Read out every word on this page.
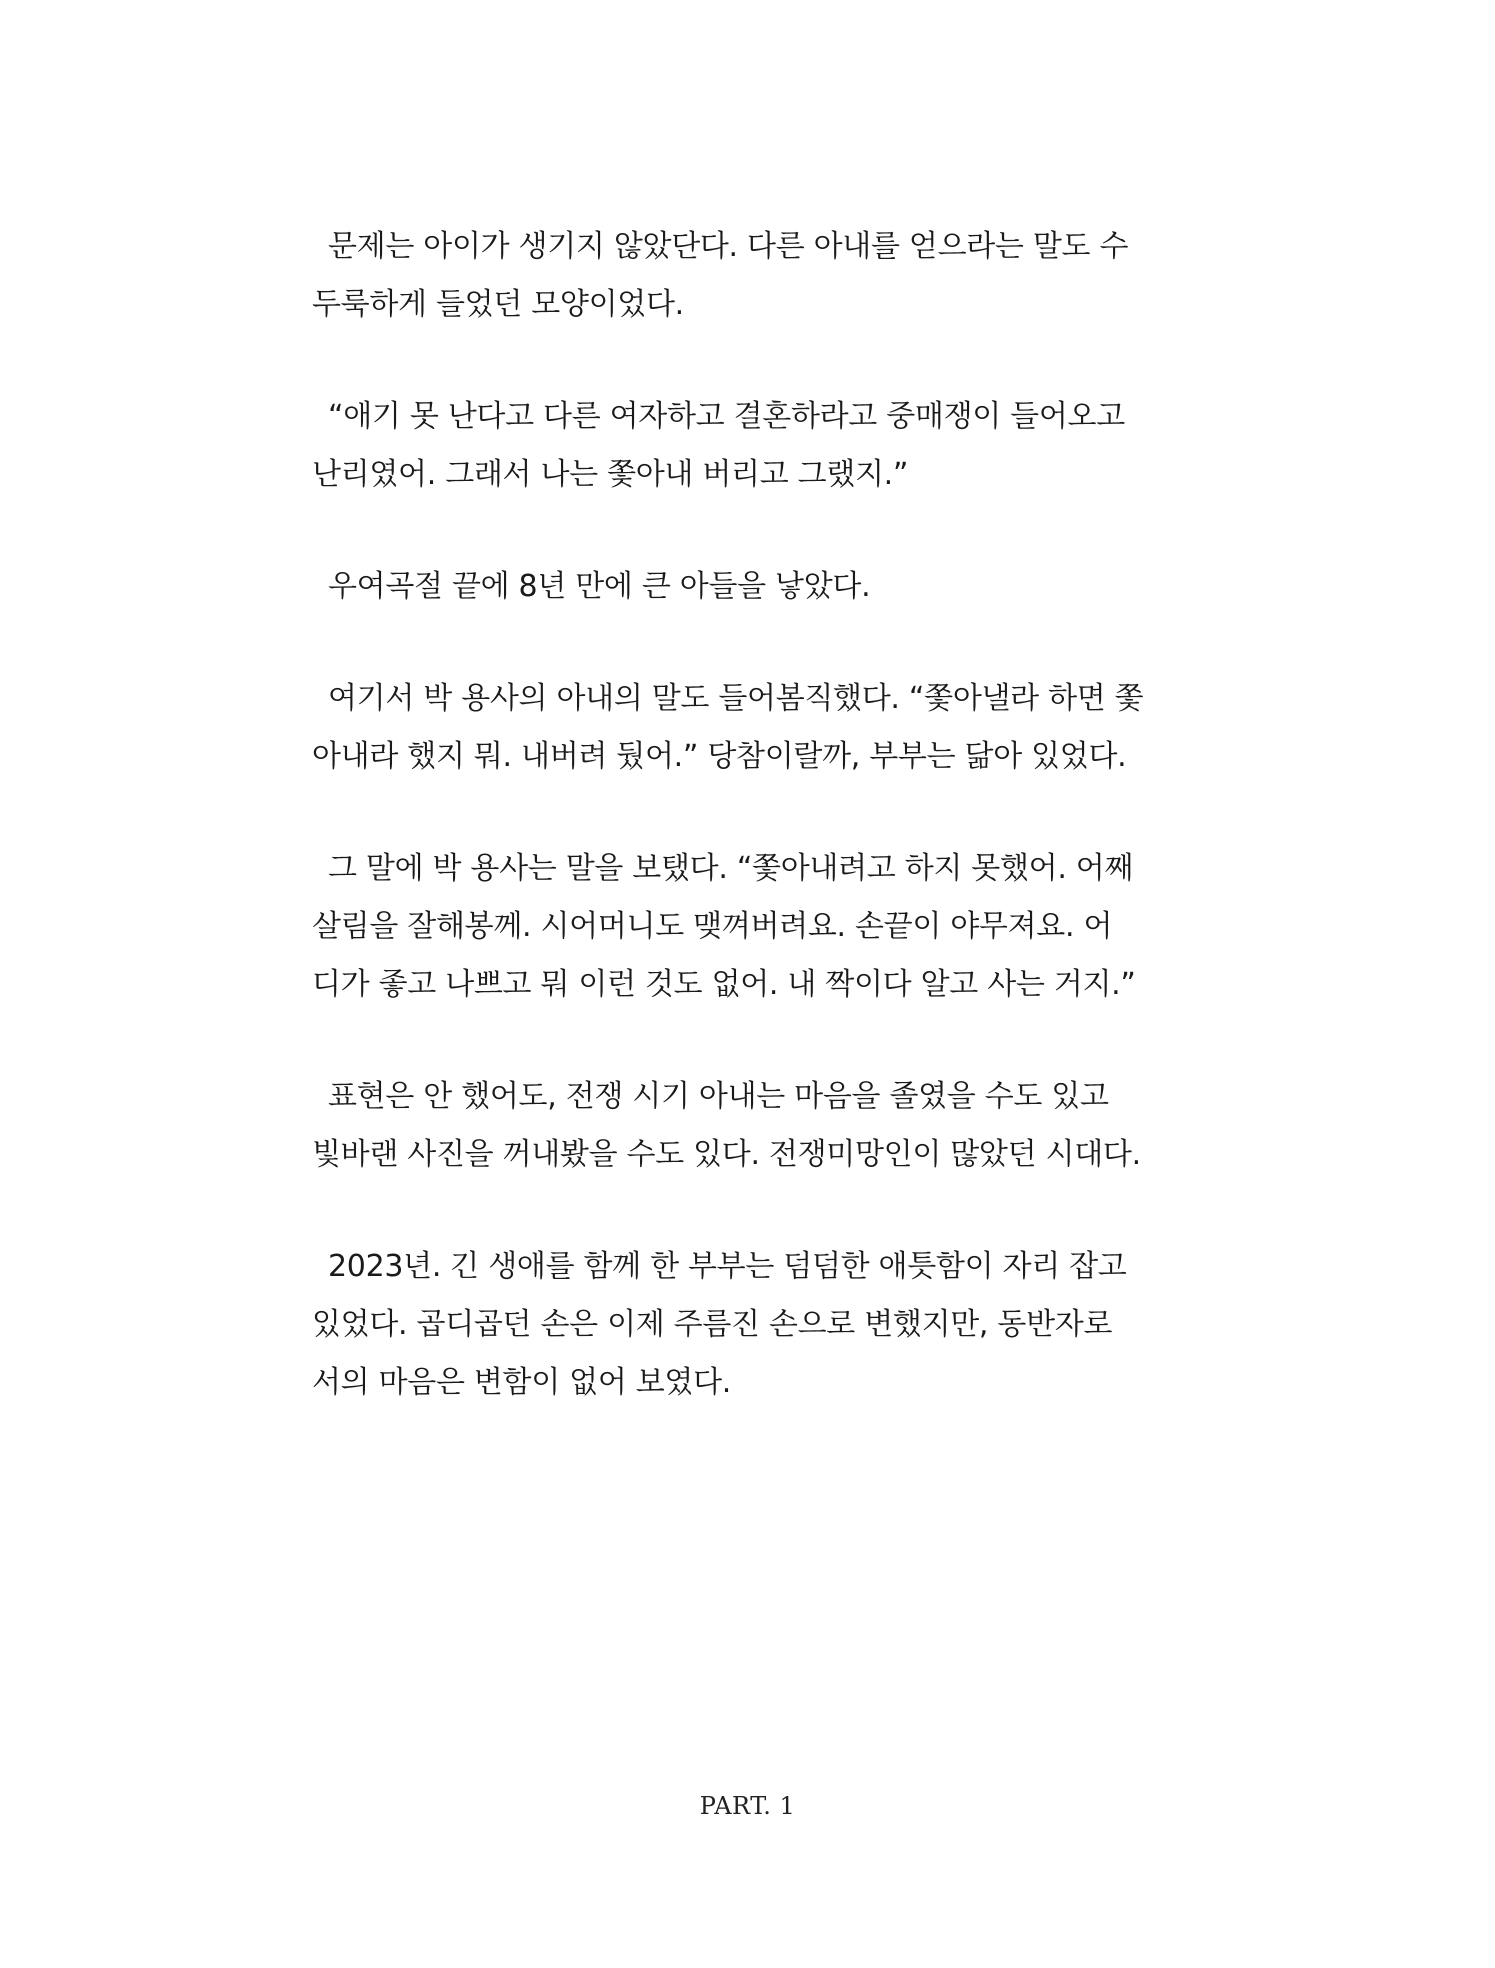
문제는 아이가 생기지 않았단다. 다른 아내를 얻으라는 말도 수
두룩하게 들었던 모양이었다.

“애기 못 난다고 다른 여자하고 결혼하라고 중매쟁이 들어오고
난리였어. 그래서 나는 쫓아내 버리고 그랬지.”

우여곡절 끝에 8년 만에 큰 아들을 낳았다.

여기서 박 용사의 아내의 말도 들어봄직했다. “쫓아낼라 하면 쫓
아내라 했지 뭐. 내버려 뒀어.” 당참이랄까, 부부는 닮아 있었다.

그 말에 박 용사는 말을 보탰다. “쫓아내려고 하지 못했어. 어째
살림을 잘해봉께. 시어머니도 맺껴버려요. 손끝이 야무져요. 어
디가 좋고 나쁘고 뭐 이런 것도 없어. 내 짝이다 알고 사는 거지.”

표현은 안 했어도, 전쟁 시기 아내는 마음을 졸였을 수도 있고
빛바랜 사진을 꺼내봤을 수도 있다. 전쟁미망인이 많았던 시대다.

2023년. 긴 생애를 함께 한 부부는 덤덤한 애틋함이 자리 잡고
있었다. 곱디곱던 손은 이제 주름진 손으로 변했지만, 동반자로
서의 마음은 변함이 없어 보였다.

PART. 1
